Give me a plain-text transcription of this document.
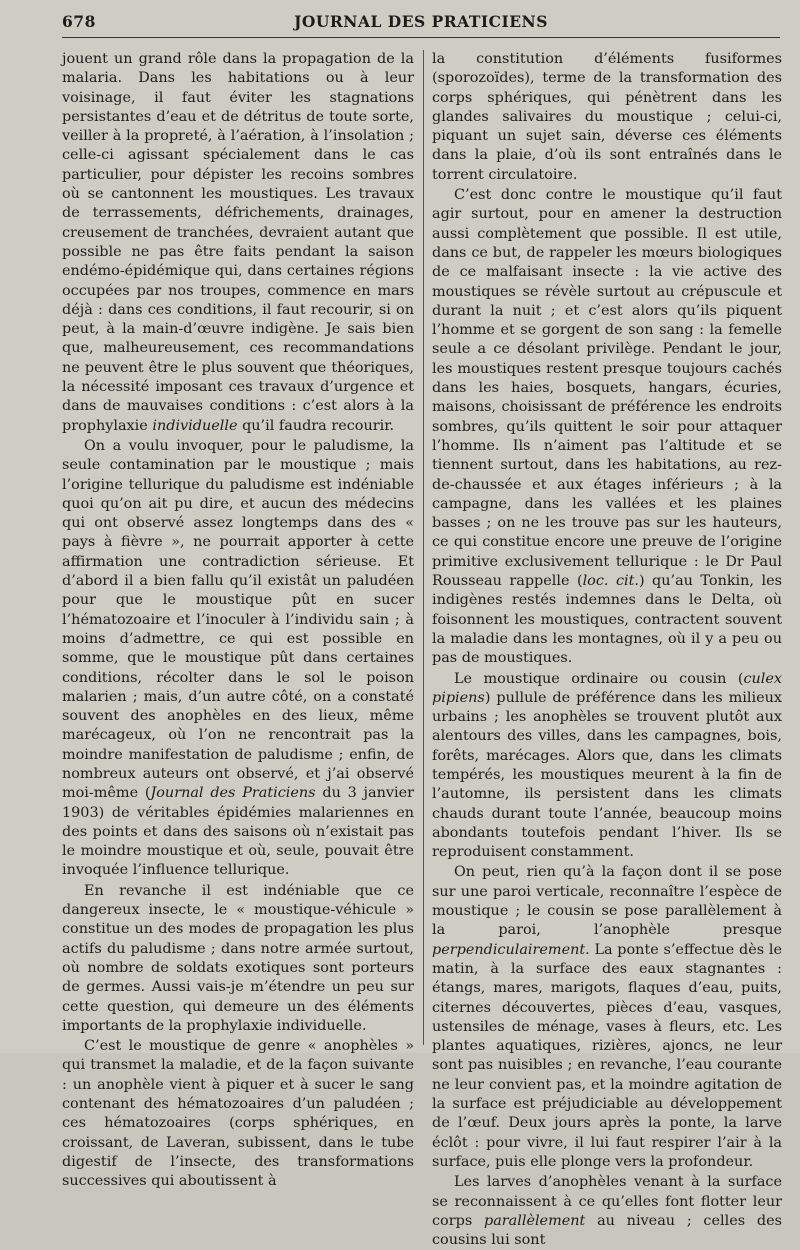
678	JOURNAL DES PRATICIENS

jouent un grand rôle dans la propagation de la malaria. Dans les habitations ou à leur voisinage, il faut éviter les stagnations persistantes d’eau et de détritus de toute sorte, veiller à la propreté, à l’aération, à l’insolation ; celle-ci agissant spécialement dans le cas particulier, pour dépister les recoins sombres où se cantonnent les moustiques. Les travaux de terrassements, défrichements, drainages, creusement de tranchées, devraient autant que possible ne pas être faits pendant la saison endémo-épidémique qui, dans certaines régions occupées par nos troupes, commence en mars déjà : dans ces conditions, il faut recourir, si on peut, à la main-d’œuvre indigène. Je sais bien que, malheureusement, ces recommandations ne peuvent être le plus souvent que théoriques, la nécessité imposant ces travaux d’urgence et dans de mauvaises conditions : c’est alors à la prophylaxie individuelle qu’il faudra recourir.

On a voulu invoquer, pour le paludisme, la seule contamination par le moustique ; mais l’origine tellurique du paludisme est indéniable quoi qu’on ait pu dire, et aucun des médecins qui ont observé assez longtemps dans des « pays à fièvre », ne pourrait apporter à cette affirmation une contradiction sérieuse. Et d’abord il a bien fallu qu’il existât un paludéen pour que le moustique pût en sucer l’hématozoaire et l’inoculer à l’individu sain ; à moins d’admettre, ce qui est possible en somme, que le moustique pût dans certaines conditions, récolter dans le sol le poison malarien ; mais, d’un autre côté, on a constaté souvent des anophèles en des lieux, même marécageux, où l’on ne rencontrait pas la moindre manifestation de paludisme ; enfin, de nombreux auteurs ont observé, et j’ai observé moi-même (Journal des Praticiens du 3 janvier 1903) de véritables épidémies malariennes en des points et dans des saisons où n’existait pas le moindre moustique et où, seule, pouvait être invoquée l’influence tellurique.

En revanche il est indéniable que ce dangereux insecte, le « moustique-véhicule » constitue un des modes de propagation les plus actifs du paludisme ; dans notre armée surtout, où nombre de soldats exotiques sont porteurs de germes. Aussi vais-je m’étendre un peu sur cette question, qui demeure un des éléments importants de la prophylaxie individuelle.

C’est le moustique de genre « anophèles » qui transmet la maladie, et de la façon suivante : un anophèle vient à piquer et à sucer le sang contenant des hématozoaires d’un paludéen ; ces hématozoaires (corps sphériques, en croissant, de Laveran, subissent, dans le tube digestif de l’insecte, des transformations successives qui aboutissent à

la constitution d’éléments fusiformes (sporozoïdes), terme de la transformation des corps sphériques, qui pénètrent dans les glandes salivaires du moustique ; celui-ci, piquant un sujet sain, déverse ces éléments dans la plaie, d’où ils sont entraînés dans le torrent circulatoire.

C’est donc contre le moustique qu’il faut agir surtout, pour en amener la destruction aussi complètement que possible. Il est utile, dans ce but, de rappeler les mœurs biologiques de ce malfaisant insecte : la vie active des moustiques se révèle surtout au crépuscule et durant la nuit ; et c’est alors qu’ils piquent l’homme et se gorgent de son sang : la femelle seule a ce désolant privilège. Pendant le jour, les moustiques restent presque toujours cachés dans les haies, bosquets, hangars, écuries, maisons, choisissant de préférence les endroits sombres, qu’ils quittent le soir pour attaquer l’homme. Ils n’aiment pas l’altitude et se tiennent surtout, dans les habitations, au rez-de-chaussée et aux étages inférieurs ; à la campagne, dans les vallées et les plaines basses ; on ne les trouve pas sur les hauteurs, ce qui constitue encore une preuve de l’origine primitive exclusivement tellurique : le Dr Paul Rousseau rappelle (loc. cit.) qu’au Tonkin, les indigènes restés indemnes dans le Delta, où foisonnent les moustiques, contractent souvent la maladie dans les montagnes, où il y a peu ou pas de moustiques.

Le moustique ordinaire ou cousin (culex pipiens) pullule de préférence dans les milieux urbains ; les anophèles se trouvent plutôt aux alentours des villes, dans les campagnes, bois, forêts, marécages. Alors que, dans les climats tempérés, les moustiques meurent à la fin de l’automne, ils persistent dans les climats chauds durant toute l’année, beaucoup moins abondants toutefois pendant l’hiver. Ils se reproduisent constamment.

On peut, rien qu’à la façon dont il se pose sur une paroi verticale, reconnaître l’espèce de moustique ; le cousin se pose parallèlement à la paroi, l’anophèle presque perpendiculairement. La ponte s’effectue dès le matin, à la surface des eaux stagnantes : étangs, mares, marigots, flaques d’eau, puits, citernes découvertes, pièces d’eau, vasques, ustensiles de ménage, vases à fleurs, etc. Les plantes aquatiques, rizières, ajoncs, ne leur sont pas nuisibles ; en revanche, l’eau courante ne leur convient pas, et la moindre agitation de la surface est préjudiciable au développement de l’œuf. Deux jours après la ponte, la larve éclôt : pour vivre, il lui faut respirer l’air à la surface, puis elle plonge vers la profondeur.

Les larves d’anophèles venant à la surface se reconnaissent à ce qu’elles font flotter leur corps parallèlement au niveau ; celles des cousins lui sont
